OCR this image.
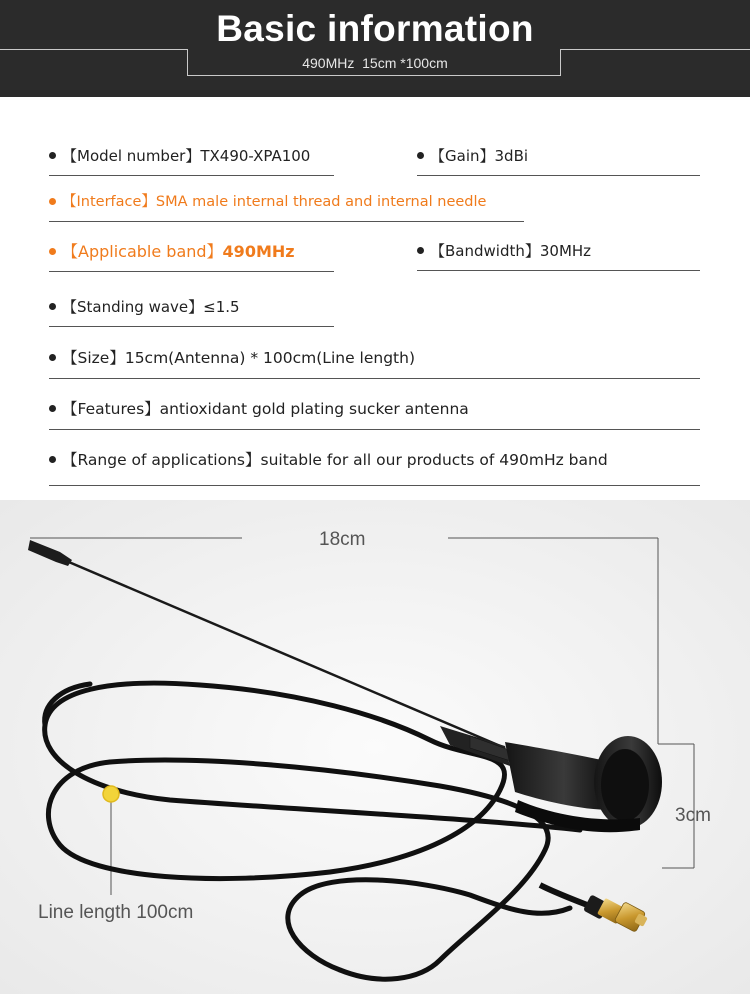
Basic information
490MHz  15cm *100cm
【Model number】TX490-XPA100	【Gain】3dBi
【Interface】SMA male internal thread and internal needle
【Applicable band】490MHz	【Bandwidth】30MHz
【Standing wave】≤1.5
【Size】15cm(Antenna) * 100cm(Line length)
【Features】antioxidant gold plating sucker antenna
【Range of applications】suitable for all our products of 490mHz band
18cm
3cm
Line length 100cm
